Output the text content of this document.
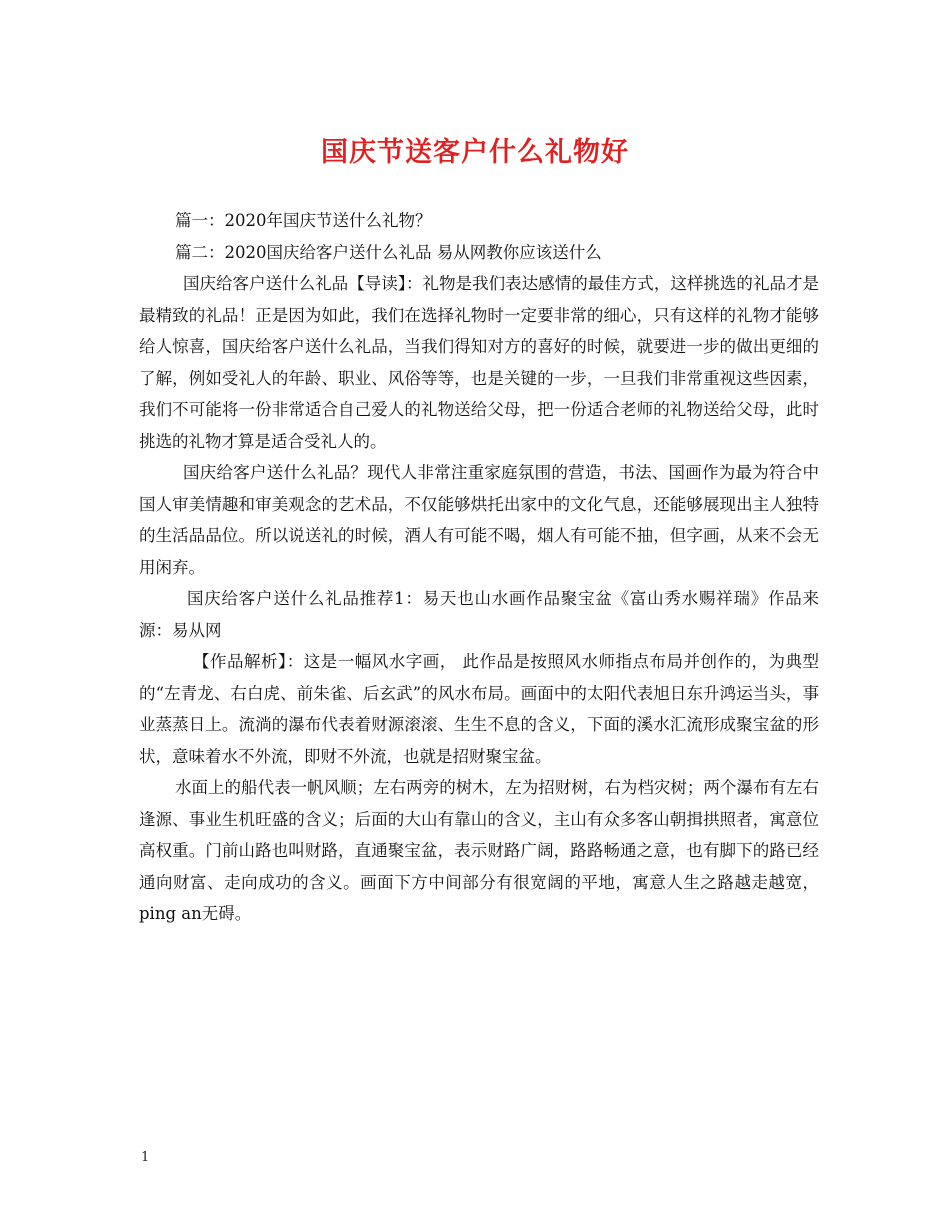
国庆节送客户什么礼物好

篇一：2020年国庆节送什么礼物？

篇二：2020国庆给客户送什么礼品 易从网教你应该送什么

国庆给客户送什么礼品【导读】：礼物是我们表达感情的最佳方式，这样挑选的礼品才是最精致的礼品！正是因为如此，我们在选择礼物时一定要非常的细心，只有这样的礼物才能够给人惊喜，国庆给客户送什么礼品，当我们得知对方的喜好的时候，就要进一步的做出更细的了解，例如受礼人的年龄、职业、风俗等等，也是关键的一步，一旦我们非常重视这些因素，我们不可能将一份非常适合自己爱人的礼物送给父母，把一份适合老师的礼物送给父母，此时挑选的礼物才算是适合受礼人的。

国庆给客户送什么礼品？现代人非常注重家庭氛围的营造，书法、国画作为最为符合中国人审美情趣和审美观念的艺术品，不仅能够烘托出家中的文化气息，还能够展现出主人独特的生活品品位。所以说送礼的时候，酒人有可能不喝，烟人有可能不抽，但字画，从来不会无用闲弃。

国庆给客户送什么礼品推荐1：易天也山水画作品聚宝盆《富山秀水赐祥瑞》作品来源：易从网

【作品解析】：这是一幅风水字画， 此作品是按照风水师指点布局并创作的，为典型的“左青龙、右白虎、前朱雀、后玄武”的风水布局。画面中的太阳代表旭日东升鸿运当头，事业蒸蒸日上。流淌的瀑布代表着财源滚滚、生生不息的含义，下面的溪水汇流形成聚宝盆的形状，意味着水不外流，即财不外流，也就是招财聚宝盆。

水面上的船代表一帆风顺；左右两旁的树木，左为招财树，右为档灾树；两个瀑布有左右逢源、事业生机旺盛的含义；后面的大山有靠山的含义，主山有众多客山朝揖拱照者，寓意位高权重。门前山路也叫财路，直通聚宝盆，表示财路广阔，路路畅通之意，也有脚下的路已经通向财富、走向成功的含义。画面下方中间部分有很宽阔的平地，寓意人生之路越走越宽，ping an无碍。

1
